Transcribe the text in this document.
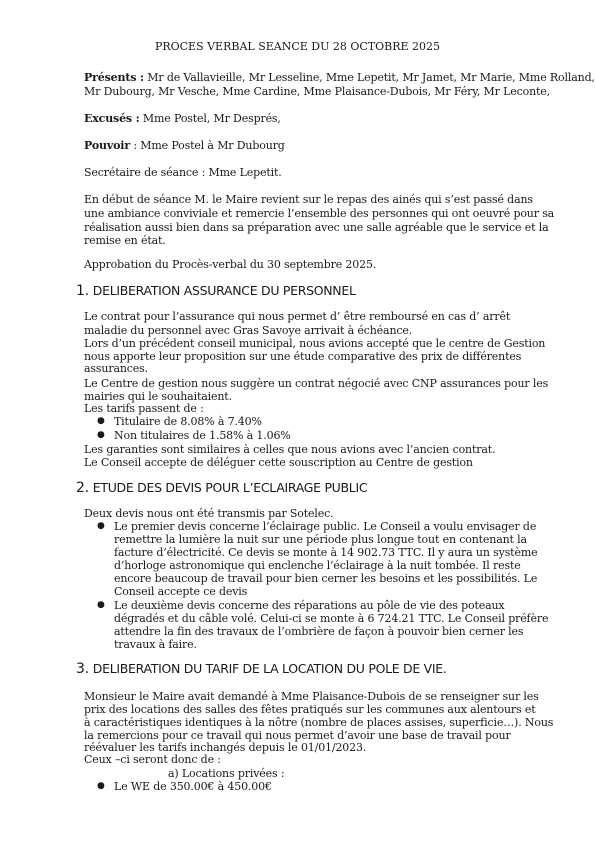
PROCES VERBAL SEANCE DU 28 OCTOBRE 2025
Présents : Mr de Vallavieille, Mr Lesseline, Mme Lepetit, Mr Jamet, Mr Marie, Mme Rolland,
Mr Dubourg, Mr Vesche, Mme Cardine, Mme Plaisance-Dubois, Mr Féry, Mr Leconte,
Excusés : Mme Postel, Mr Després,
Pouvoir : Mme Postel à Mr Dubourg
Secrétaire de séance : Mme Lepetit.
En début de séance M. le Maire revient sur le repas des ainés qui s’est passé dans
une ambiance conviviale et remercie l’ensemble des personnes qui ont oeuvré pour sa
réalisation aussi bien dans sa préparation avec une salle agréable que le service et la
remise en état.
Approbation du Procès-verbal du 30 septembre 2025.
1. DELIBERATION ASSURANCE DU PERSONNEL
Le contrat pour l’assurance qui nous permet d’ être remboursé en cas d’ arrêt
maladie du personnel avec Gras Savoye arrivait à échéance.
Lors d’un précédent conseil municipal, nous avions accepté que le centre de Gestion
nous apporte leur proposition sur une étude comparative des prix de différentes
assurances.
Le Centre de gestion nous suggère un contrat négocié avec CNP assurances pour les
mairies qui le souhaitaient.
Les tarifs passent de :
● Titulaire de 8.08% à 7.40%
● Non titulaires de 1.58% à 1.06%
Les garanties sont similaires à celles que nous avions avec l’ancien contrat.
Le Conseil accepte de déléguer cette souscription au Centre de gestion
2. ETUDE DES DEVIS POUR L’ECLAIRAGE PUBLIC
Deux devis nous ont été transmis par Sotelec.
● Le premier devis concerne l’éclairage public. Le Conseil a voulu envisager de
remettre la lumière la nuit sur une période plus longue tout en contenant la
facture d’électricité. Ce devis se monte à 14 902.73 TTC. Il y aura un système
d’horloge astronomique qui enclenche l’éclairage à la nuit tombée. Il reste
encore beaucoup de travail pour bien cerner les besoins et les possibilités. Le
Conseil accepte ce devis
● Le deuxième devis concerne des réparations au pôle de vie des poteaux
dégradés et du câble volé. Celui-ci se monte à 6 724.21 TTC. Le Conseil préfère
attendre la fin des travaux de l’ombrière de façon à pouvoir bien cerner les
travaux à faire.
3. DELIBERATION DU TARIF DE LA LOCATION DU POLE DE VIE.
Monsieur le Maire avait demandé à Mme Plaisance-Dubois de se renseigner sur les
prix des locations des salles des fêtes pratiqués sur les communes aux alentours et
à caractéristiques identiques à la nôtre (nombre de places assises, superficie…). Nous
la remercions pour ce travail qui nous permet d’avoir une base de travail pour
réévaluer les tarifs inchangés depuis le 01/01/2023.
Ceux –ci seront donc de :
a) Locations privées :
● Le WE de 350.00€ à 450.00€
